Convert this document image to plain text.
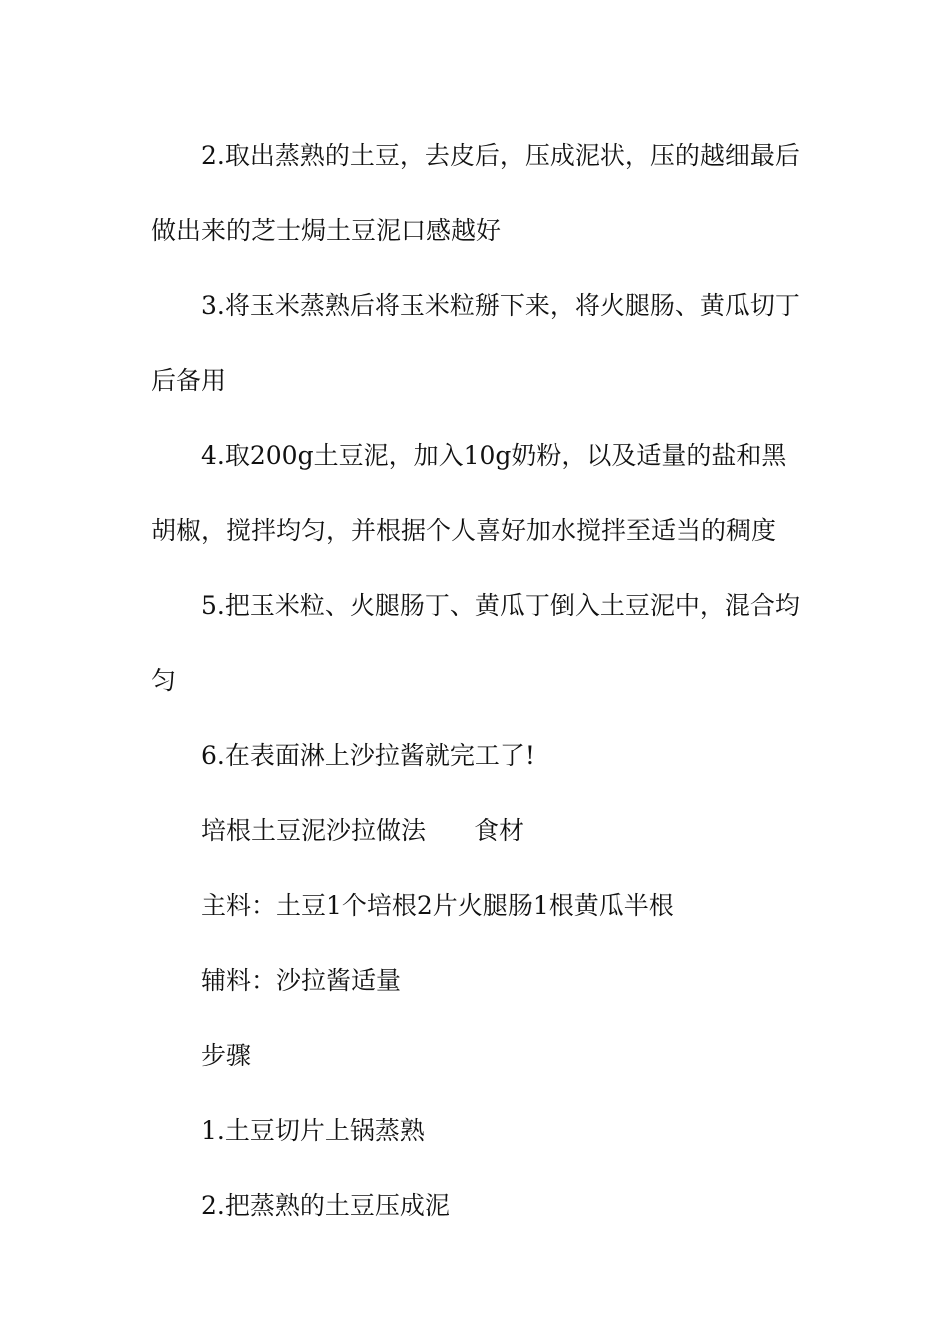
2.取出蒸熟的土豆，去皮后，压成泥状，压的越细最后做出来的芝士焗土豆泥口感越好

3.将玉米蒸熟后将玉米粒掰下来，将火腿肠、黄瓜切丁后备用

4.取200g土豆泥，加入10g奶粉，以及适量的盐和黑胡椒，搅拌均匀，并根据个人喜好加水搅拌至适当的稠度

5.把玉米粒、火腿肠丁、黄瓜丁倒入土豆泥中，混合均匀

6.在表面淋上沙拉酱就完工了!

培根土豆泥沙拉做法 食材

主料：土豆1个培根2片火腿肠1根黄瓜半根

辅料：沙拉酱适量

步骤

1.土豆切片上锅蒸熟

2.把蒸熟的土豆压成泥
